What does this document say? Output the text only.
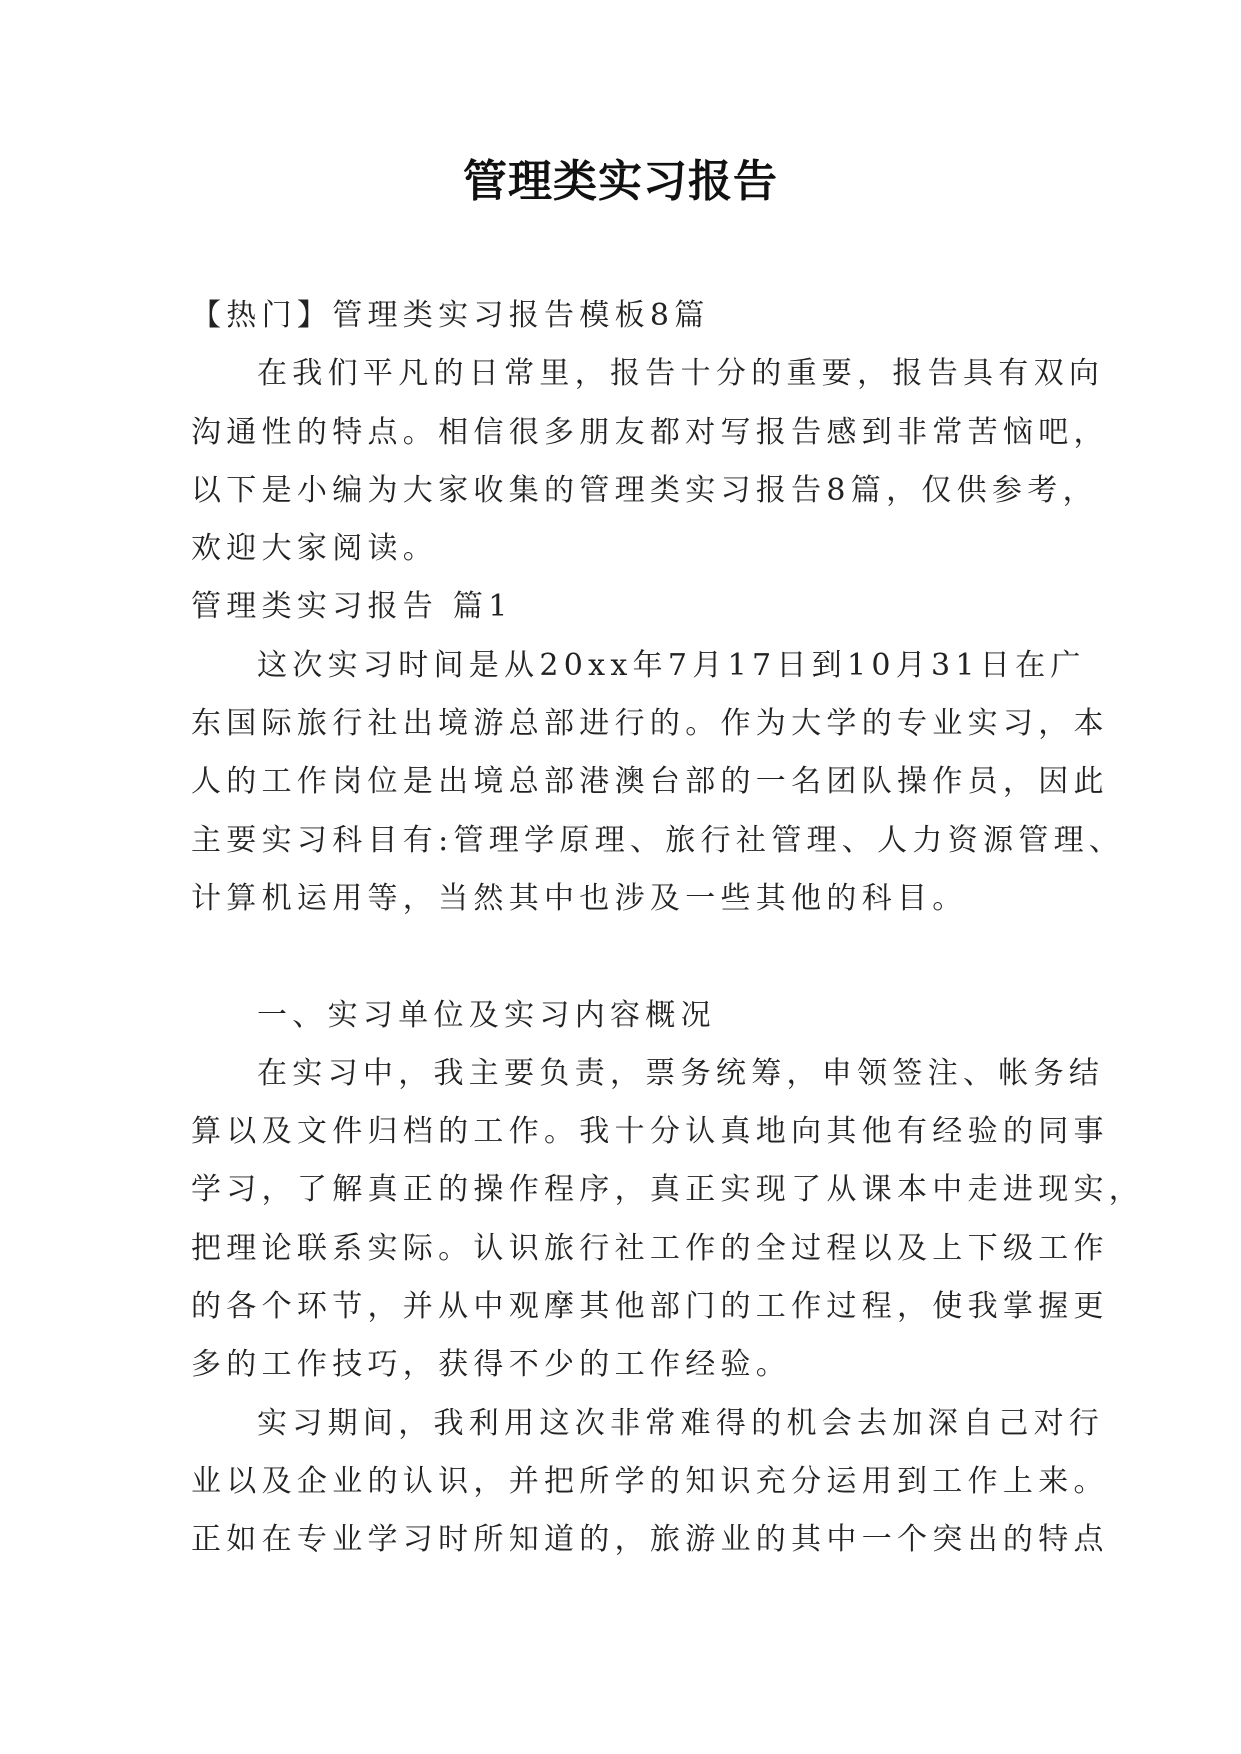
管理类实习报告
【热门】管理类实习报告模板8篇
在我们平凡的日常里，报告十分的重要，报告具有双向
沟通性的特点。相信很多朋友都对写报告感到非常苦恼吧，
以下是小编为大家收集的管理类实习报告8篇，仅供参考，
欢迎大家阅读。
管理类实习报告 篇1
这次实习时间是从20xx年7月17日到10月31日在广
东国际旅行社出境游总部进行的。作为大学的专业实习，本
人的工作岗位是出境总部港澳台部的一名团队操作员，因此
主要实习科目有:管理学原理、旅行社管理、人力资源管理、
计算机运用等，当然其中也涉及一些其他的科目。
一、实习单位及实习内容概况
在实习中，我主要负责，票务统筹，申领签注、帐务结
算以及文件归档的工作。我十分认真地向其他有经验的同事
学习，了解真正的操作程序，真正实现了从课本中走进现实，
把理论联系实际。认识旅行社工作的全过程以及上下级工作
的各个环节，并从中观摩其他部门的工作过程，使我掌握更
多的工作技巧，获得不少的工作经验。
实习期间，我利用这次非常难得的机会去加深自己对行
业以及企业的认识，并把所学的知识充分运用到工作上来。
正如在专业学习时所知道的，旅游业的其中一个突出的特点
